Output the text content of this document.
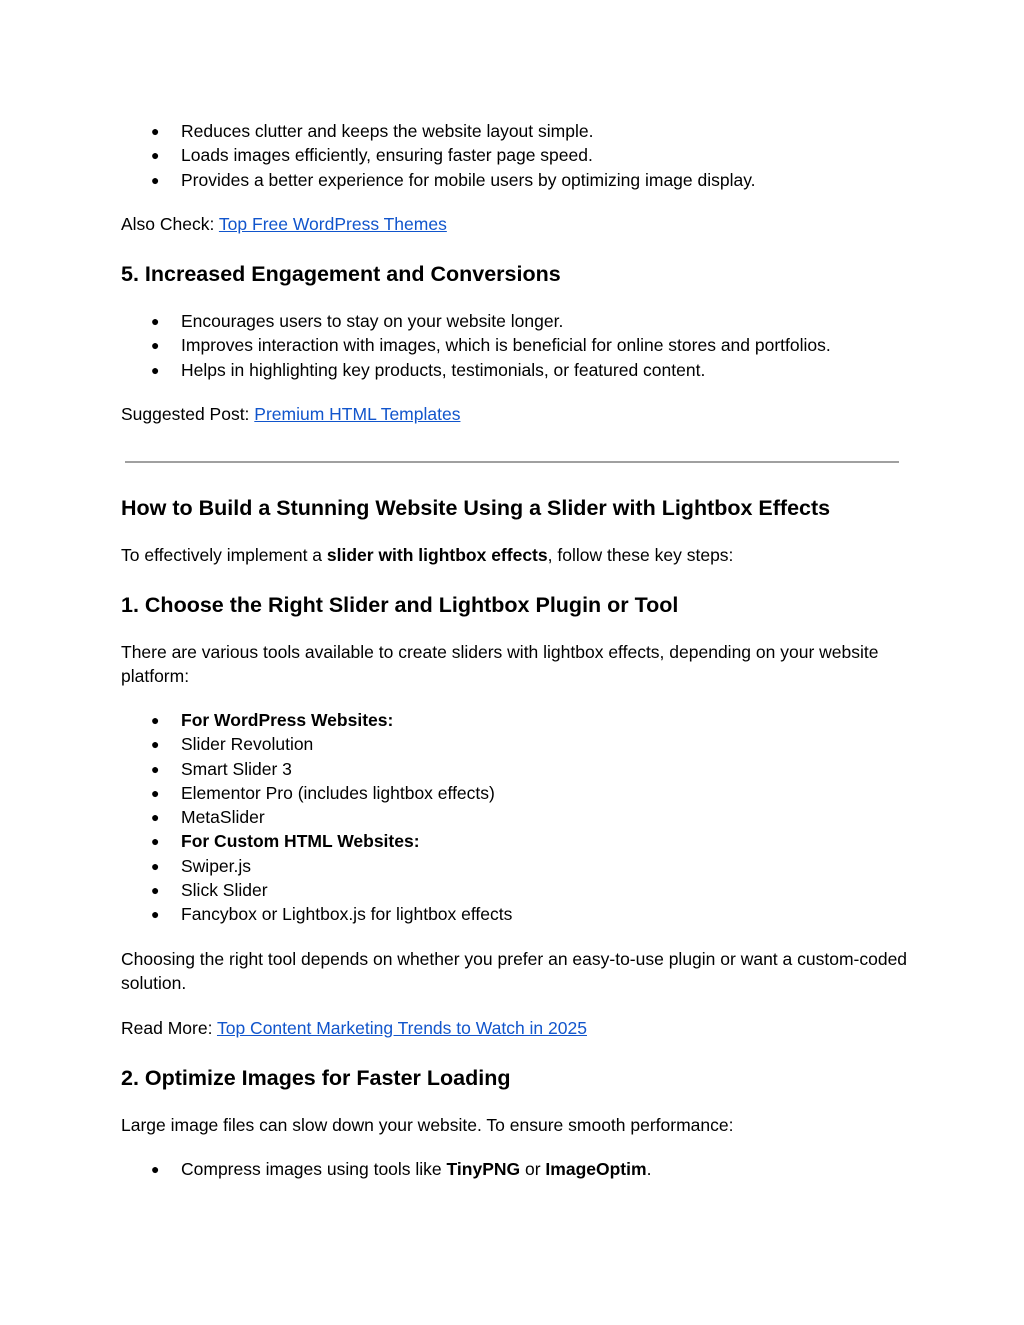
● Reduces clutter and keeps the website layout simple.
● Loads images efficiently, ensuring faster page speed.
● Provides a better experience for mobile users by optimizing image display.
Also Check: Top Free WordPress Themes
5. Increased Engagement and Conversions
● Encourages users to stay on your website longer.
● Improves interaction with images, which is beneficial for online stores and portfolios.
● Helps in highlighting key products, testimonials, or featured content.
Suggested Post: Premium HTML Templates
How to Build a Stunning Website Using a Slider with Lightbox Effects
To effectively implement a slider with lightbox effects, follow these key steps:
1. Choose the Right Slider and Lightbox Plugin or Tool
There are various tools available to create sliders with lightbox effects, depending on your website platform:
● For WordPress Websites:
● Slider Revolution
● Smart Slider 3
● Elementor Pro (includes lightbox effects)
● MetaSlider
● For Custom HTML Websites:
● Swiper.js
● Slick Slider
● Fancybox or Lightbox.js for lightbox effects
Choosing the right tool depends on whether you prefer an easy-to-use plugin or want a custom-coded solution.
Read More: Top Content Marketing Trends to Watch in 2025
2. Optimize Images for Faster Loading
Large image files can slow down your website. To ensure smooth performance:
● Compress images using tools like TinyPNG or ImageOptim.
